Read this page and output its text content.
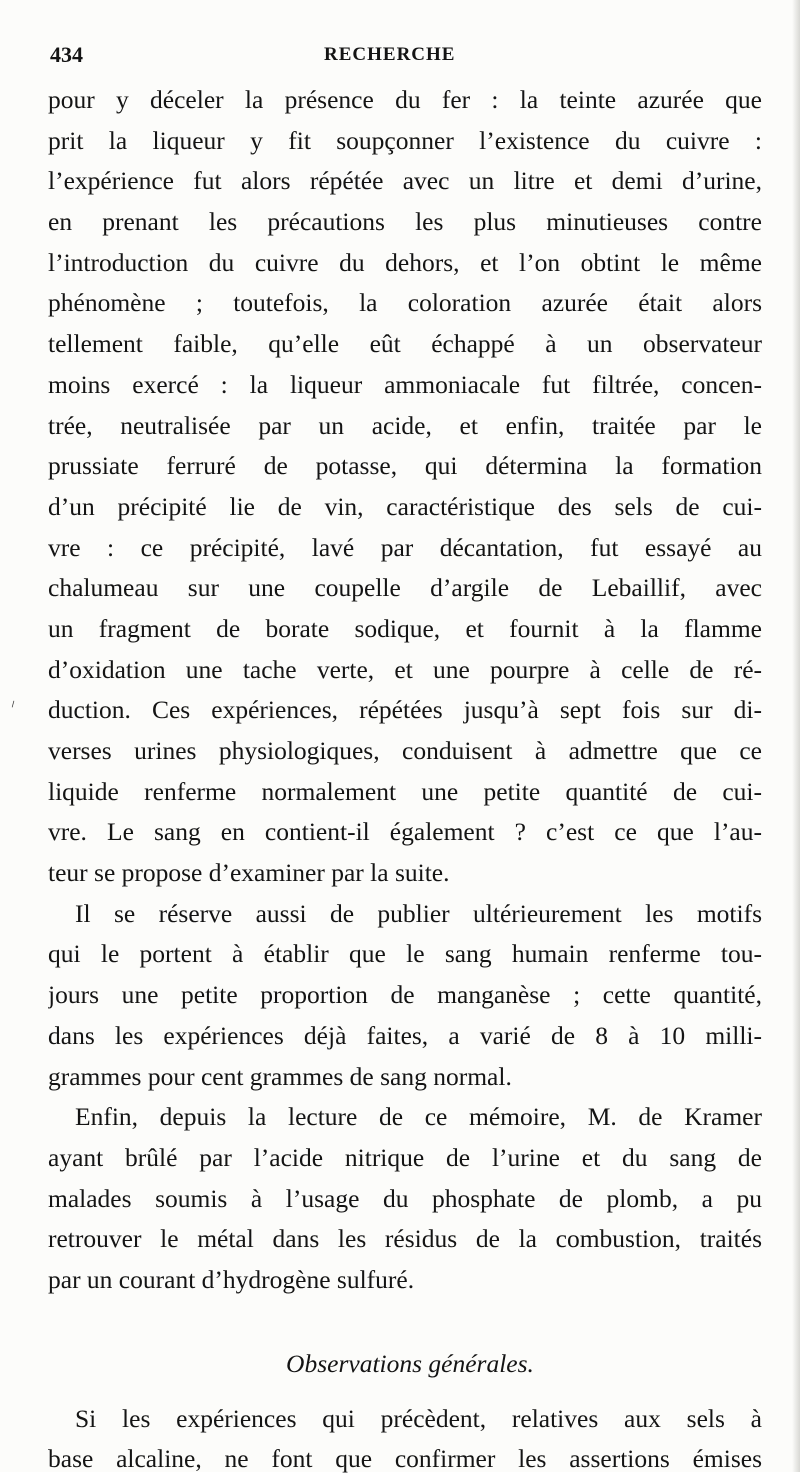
434	RECHERCHE
⸝
pour y déceler la présence du fer : la teinte azurée que
prit la liqueur y fit soupçonner l’existence du cuivre :
l’expérience fut alors répétée avec un litre et demi d’urine,
en prenant les précautions les plus minutieuses contre
l’introduction du cuivre du dehors, et l’on obtint le même
phénomène ; toutefois, la coloration azurée était alors
tellement faible, qu’elle eût échappé à un observateur
moins exercé : la liqueur ammoniacale fut filtrée, concen-
trée, neutralisée par un acide, et enfin, traitée par le
prussiate ferruré de potasse, qui détermina la formation
d’un précipité lie de vin, caractéristique des sels de cui-
vre : ce précipité, lavé par décantation, fut essayé au
chalumeau sur une coupelle d’argile de Lebaillif, avec
un fragment de borate sodique, et fournit à la flamme
d’oxidation une tache verte, et une pourpre à celle de ré-
duction. Ces expériences, répétées jusqu’à sept fois sur di-
verses urines physiologiques, conduisent à admettre que ce
liquide renferme normalement une petite quantité de cui-
vre. Le sang en contient-il également ? c’est ce que l’au-
teur se propose d’examiner par la suite.
Il se réserve aussi de publier ultérieurement les motifs
qui le portent à établir que le sang humain renferme tou-
jours une petite proportion de manganèse ; cette quantité,
dans les expériences déjà faites, a varié de 8 à 10 milli-
grammes pour cent grammes de sang normal.
Enfin, depuis la lecture de ce mémoire, M. de Kramer
ayant brûlé par l’acide nitrique de l’urine et du sang de
malades soumis à l’usage du phosphate de plomb, a pu
retrouver le métal dans les résidus de la combustion, traités
par un courant d’hydrogène sulfuré.
Observations générales.
Si les expériences qui précèdent, relatives aux sels à
base alcaline, ne font que confirmer les assertions émises
